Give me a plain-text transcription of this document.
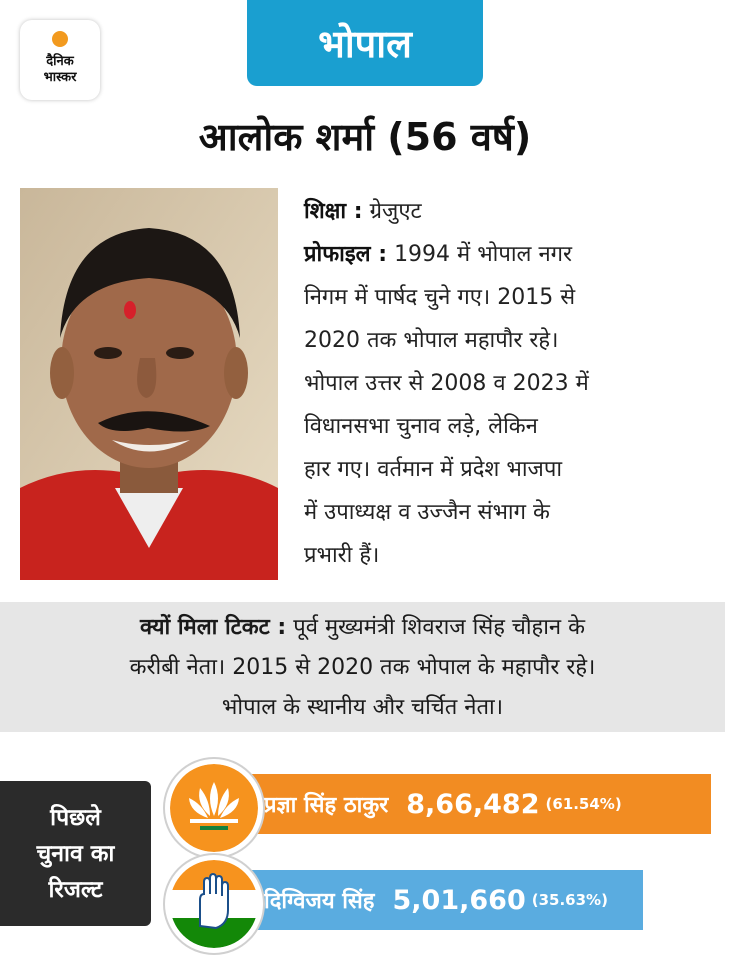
दैनिक
भास्कर
भोपाल
आलोक शर्मा (56 वर्ष)
शिक्षा : ग्रेजुएट
प्रोफाइल : 1994 में भोपाल नगर
निगम में पार्षद चुने गए। 2015 से
2020 तक भोपाल महापौर रहे।
भोपाल उत्तर से 2008 व 2023 में
विधानसभा चुनाव लड़े, लेकिन
हार गए। वर्तमान में प्रदेश भाजपा
में उपाध्यक्ष व उज्जैन संभाग के
प्रभारी हैं।
क्यों मिला टिकट : पूर्व मुख्यमंत्री शिवराज सिंह चौहान के
करीबी नेता। 2015 से 2020 तक भोपाल के महापौर रहे।
भोपाल के स्थानीय और चर्चित नेता।
पिछले
चुनाव का
रिजल्ट
प्रज्ञा सिंह ठाकुर 8,66,482 (61.54%)
दिग्विजय सिंह 5,01,660 (35.63%)
